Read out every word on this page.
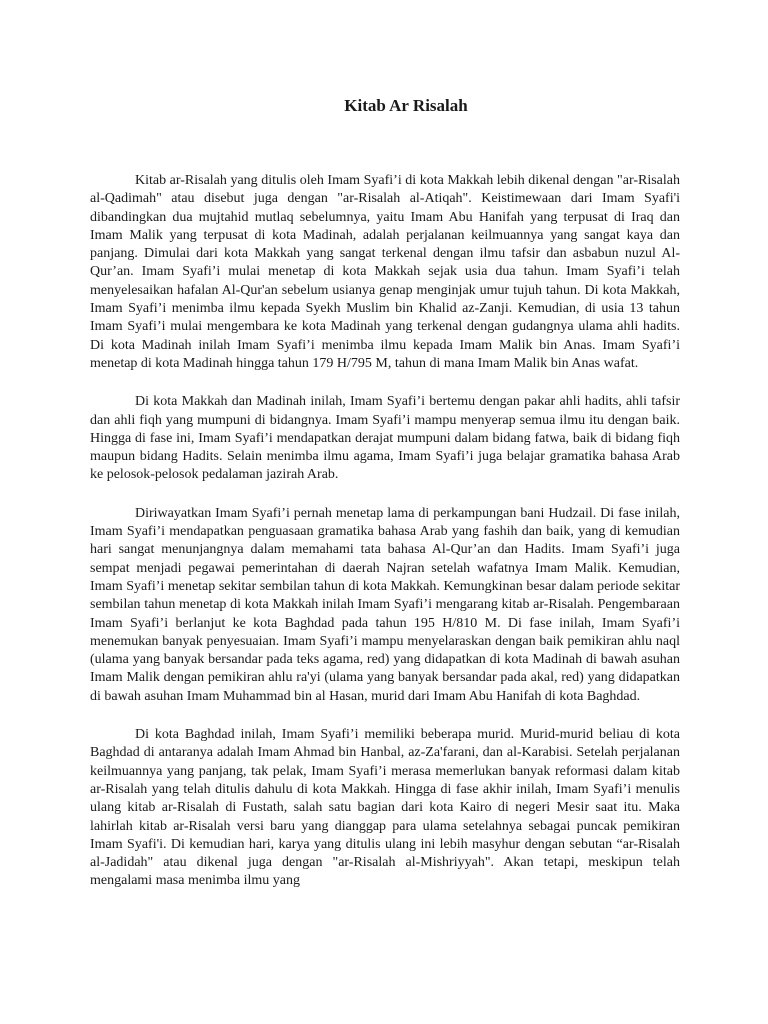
Kitab Ar Risalah

Kitab ar-Risalah yang ditulis oleh Imam Syafi’i di kota Makkah lebih dikenal dengan "ar-Risalah al-Qadimah" atau disebut juga dengan "ar-Risalah al-Atiqah". Keistimewaan dari Imam Syafi'i dibandingkan dua mujtahid mutlaq sebelumnya, yaitu Imam Abu Hanifah yang terpusat di Iraq dan Imam Malik yang terpusat di kota Madinah, adalah perjalanan keilmuannya yang sangat kaya dan panjang. Dimulai dari kota Makkah yang sangat terkenal dengan ilmu tafsir dan asbabun nuzul Al-Qur’an. Imam Syafi’i mulai menetap di kota Makkah sejak usia dua tahun. Imam Syafi’i telah menyelesaikan hafalan Al-Qur'an sebelum usianya genap menginjak umur tujuh tahun. Di kota Makkah, Imam Syafi’i menimba ilmu kepada Syekh Muslim bin Khalid az-Zanji. Kemudian, di usia 13 tahun Imam Syafi’i mulai mengembara ke kota Madinah yang terkenal dengan gudangnya ulama ahli hadits. Di kota Madinah inilah Imam Syafi’i menimba ilmu kepada Imam Malik bin Anas. Imam Syafi’i menetap di kota Madinah hingga tahun 179 H/795 M, tahun di mana Imam Malik bin Anas wafat.

Di kota Makkah dan Madinah inilah, Imam Syafi’i bertemu dengan pakar ahli hadits, ahli tafsir dan ahli fiqh yang mumpuni di bidangnya. Imam Syafi’i mampu menyerap semua ilmu itu dengan baik. Hingga di fase ini, Imam Syafi’i mendapatkan derajat mumpuni dalam bidang fatwa, baik di bidang fiqh maupun bidang Hadits. Selain menimba ilmu agama, Imam Syafi’i juga belajar gramatika bahasa Arab ke pelosok-pelosok pedalaman jazirah Arab.

Diriwayatkan Imam Syafi’i pernah menetap lama di perkampungan bani Hudzail. Di fase inilah, Imam Syafi’i mendapatkan penguasaan gramatika bahasa Arab yang fashih dan baik, yang di kemudian hari sangat menunjangnya dalam memahami tata bahasa Al-Qur’an dan Hadits. Imam Syafi’i juga sempat menjadi pegawai pemerintahan di daerah Najran setelah wafatnya Imam Malik. Kemudian, Imam Syafi’i menetap sekitar sembilan tahun di kota Makkah. Kemungkinan besar dalam periode sekitar sembilan tahun menetap di kota Makkah inilah Imam Syafi’i mengarang kitab ar-Risalah. Pengembaraan Imam Syafi’i berlanjut ke kota Baghdad pada tahun 195 H/810 M. Di fase inilah, Imam Syafi’i menemukan banyak penyesuaian. Imam Syafi’i mampu menyelaraskan dengan baik pemikiran ahlu naql (ulama yang banyak bersandar pada teks agama, red) yang didapatkan di kota Madinah di bawah asuhan Imam Malik dengan pemikiran ahlu ra'yi (ulama yang banyak bersandar pada akal, red) yang didapatkan di bawah asuhan Imam Muhammad bin al Hasan, murid dari Imam Abu Hanifah di kota Baghdad.

Di kota Baghdad inilah, Imam Syafi’i memiliki beberapa murid. Murid-murid beliau di kota Baghdad di antaranya adalah Imam Ahmad bin Hanbal, az-Za'farani, dan al-Karabisi. Setelah perjalanan keilmuannya yang panjang, tak pelak, Imam Syafi’i merasa memerlukan banyak reformasi dalam kitab ar-Risalah yang telah ditulis dahulu di kota Makkah. Hingga di fase akhir inilah, Imam Syafi’i menulis ulang kitab ar-Risalah di Fustath, salah satu bagian dari kota Kairo di negeri Mesir saat itu. Maka lahirlah kitab ar-Risalah versi baru yang dianggap para ulama setelahnya sebagai puncak pemikiran Imam Syafi'i. Di kemudian hari, karya yang ditulis ulang ini lebih masyhur dengan sebutan “ar-Risalah al-Jadidah" atau dikenal juga dengan "ar-Risalah al-Mishriyyah". Akan tetapi, meskipun telah mengalami masa menimba ilmu yang
